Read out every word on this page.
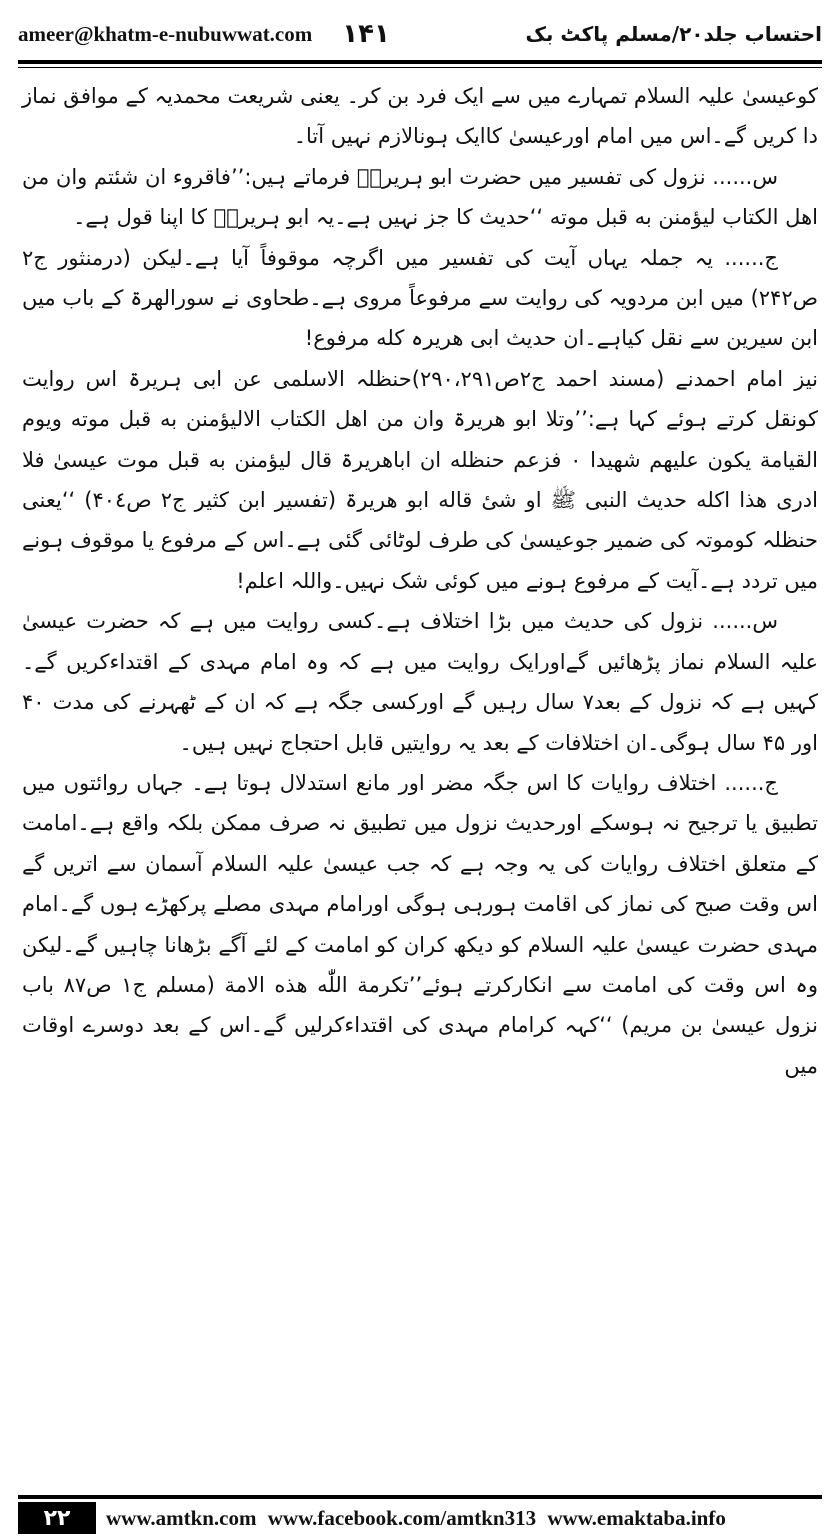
ameer@khatm-e-nubuwwat.com ۱۴۱	احتساب جلد۲۰/مسلم پاکٹ بک

کوعیسیٰ علیہ السلام تمہارے میں سے ایک فرد بن کر۔ یعنی شریعت محمدیہ کے موافق نماز دا کریں گے۔اس میں امام اورعیسیٰ کاایک ہونالازم نہیں آتا۔

س...... نزول کی تفسیر میں حضرت ابو ہریرہؓ فرماتے ہیں:’’فاقروء ان شئتم وان من اھل الکتاب لیؤمنن به قبل موته ‘‘حدیث کا جز نہیں ہے۔یہ ابو ہریرہؓ کا اپنا قول ہے۔

ج...... یہ جملہ یہاں آیت کی تفسیر میں اگرچہ موقوفاً آیا ہے۔لیکن (درمنثور ج۲ ص۲۴۲) میں ابن مردویہ کی روایت سے مرفوعاً مروی ہے۔طحاوی نے سورالھرۃ کے باب میں ابن سیرین سے نقل کیاہے۔ان حدیث ابی ھریرہ کله مرفوع!

نیز امام احمدنے (مسند احمد ج۲ص۲۹۰،۲۹۱)حنظلہ الاسلمی عن ابی ہریرۃ اس روایت کونقل کرتے ہوئے کہا ہے:’’وتلا ابو ھریرۃ وان من اھل الکتاب الالیؤمنن به قبل موته ویوم القیامة یکون علیھم شھیدا ۰ فزعم حنظله ان اباھریرۃ قال لیؤمنن به قبل موت عیسیٰ فلا ادری ھذا اکله حدیث النبی ﷺ او شیٔ قاله ابو ھریرۃ (تفسیر ابن کثیر ج۲ ص۴۰٤) ‘‘یعنی حنظلہ کوموتہ کی ضمیر جوعیسیٰ کی طرف لوٹائی گئی ہے۔اس کے مرفوع یا موقوف ہونے میں تردد ہے۔آیت کے مرفوع ہونے میں کوئی شک نہیں۔واللہ اعلم!

س...... نزول کی حدیث میں بڑا اختلاف ہے۔کسی روایت میں ہے کہ حضرت عیسیٰ علیہ السلام نماز پڑھائیں گےاورایک روایت میں ہے کہ وہ امام مہدی کے اقتداءکریں گے۔کہیں ہے کہ نزول کے بعد۷ سال رہیں گے اورکسی جگہ ہے کہ ان کے ٹھہرنے کی مدت ۴۰ اور ۴۵ سال ہوگی۔ان اختلافات کے بعد یہ روایتیں قابل احتجاج نہیں ہیں۔

ج...... اختلاف روایات کا اس جگہ مضر اور مانع استدلال ہوتا ہے۔ جہاں روائتوں میں تطبیق یا ترجیح نہ ہوسکے اورحدیث نزول میں تطبیق نہ صرف ممکن بلکہ واقع ہے۔امامت کے متعلق اختلاف روایات کی یہ وجہ ہے کہ جب عیسیٰ علیہ السلام آسمان سے اتریں گے اس وقت صبح کی نماز کی اقامت ہورہی ہوگی اورامام مہدی مصلے پرکھڑے ہوں گے۔امام مہدی حضرت عیسیٰ علیہ السلام کو دیکھ کران کو امامت کے لئے آگے بڑھانا چاہیں گے۔لیکن وہ اس وقت کی امامت سے انکارکرتے ہوئے’’تکرمة اللّٰه ھذه الامة (مسلم ج۱ ص۸۷ باب نزول عیسیٰ بن مریم) ‘‘کہہ کرامام مہدی کی اقتداءکرلیں گے۔اس کے بعد دوسرے اوقات میں

۲۲	www.amtkn.com www.facebook.com/amtkn313 www.emaktaba.info
